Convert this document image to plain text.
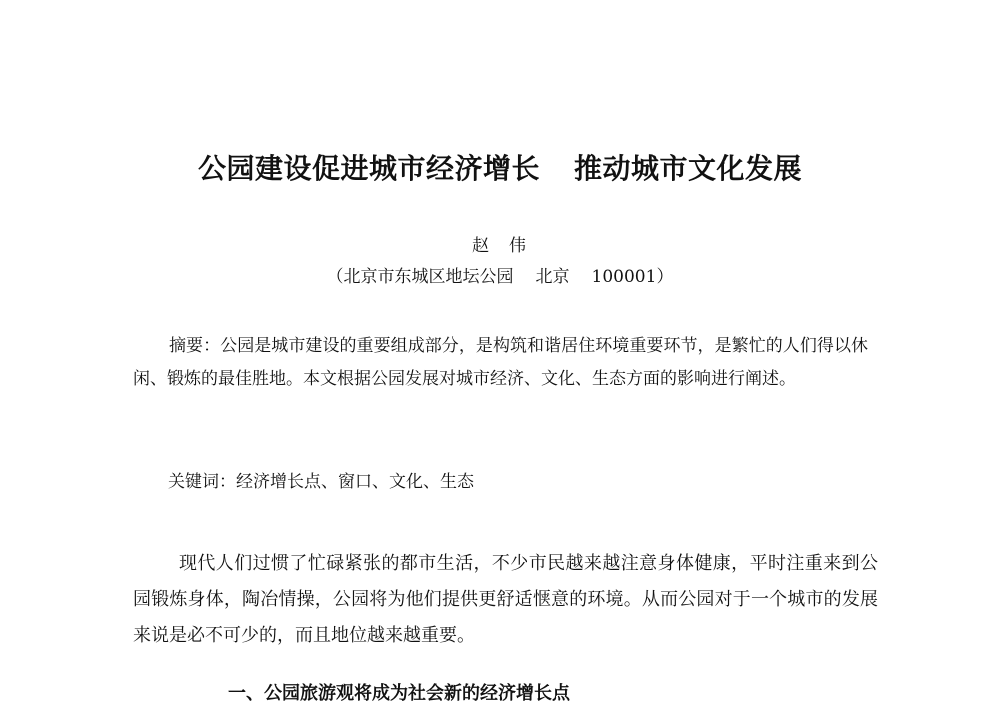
公园建设促进城市经济增长 推动城市文化发展
赵 伟
（北京市东城区地坛公园 北京 100001）
摘要：公园是城市建设的重要组成部分，是构筑和谐居住环境重要环节，是繁忙的人们得以休闲、锻炼的最佳胜地。本文根据公园发展对城市经济、文化、生态方面的影响进行阐述。
关键词：经济增长点、窗口、文化、生态
现代人们过惯了忙碌紧张的都市生活，不少市民越来越注意身体健康，平时注重来到公园锻炼身体，陶冶情操，公园将为他们提供更舒适惬意的环境。从而公园对于一个城市的发展来说是必不可少的，而且地位越来越重要。
一、公园旅游观将成为社会新的经济增长点
